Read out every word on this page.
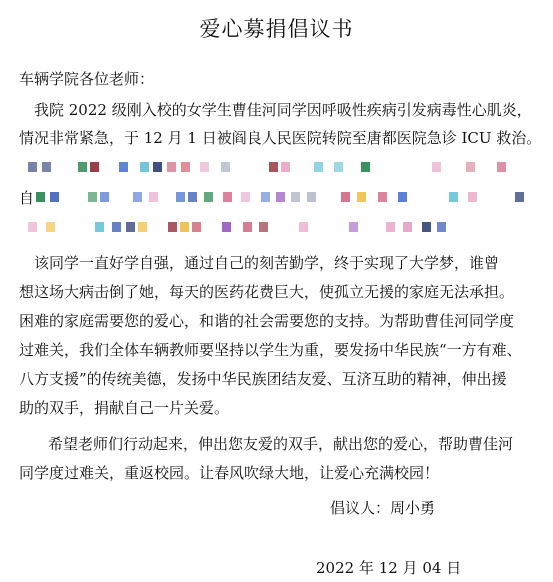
爱心募捐倡议书
车辆学院各位老师：
我院 2022 级刚入校的女学生曹佳河同学因呼吸性疾病引发病毒性心肌炎，
情况非常紧急，于 12 月 1 日被阎良人民医院转院至唐都医院急诊 ICU 救治。
自
该同学一直好学自强，通过自己的刻苦勤学，终于实现了大学梦，谁曾
想这场大病击倒了她，每天的医药花费巨大，使孤立无援的家庭无法承担。
困难的家庭需要您的爱心，和谐的社会需要您的支持。为帮助曹佳河同学度
过难关，我们全体车辆教师要坚持以学生为重，要发扬中华民族“一方有难、
八方支援”的传统美德，发扬中华民族团结友爱、互济互助的精神，伸出援
助的双手，捐献自己一片关爱。
希望老师们行动起来，伸出您友爱的双手，献出您的爱心，帮助曹佳河
同学度过难关，重返校园。让春风吹绿大地，让爱心充满校园！
倡议人：周小勇
2022 年 12 月 04 日
